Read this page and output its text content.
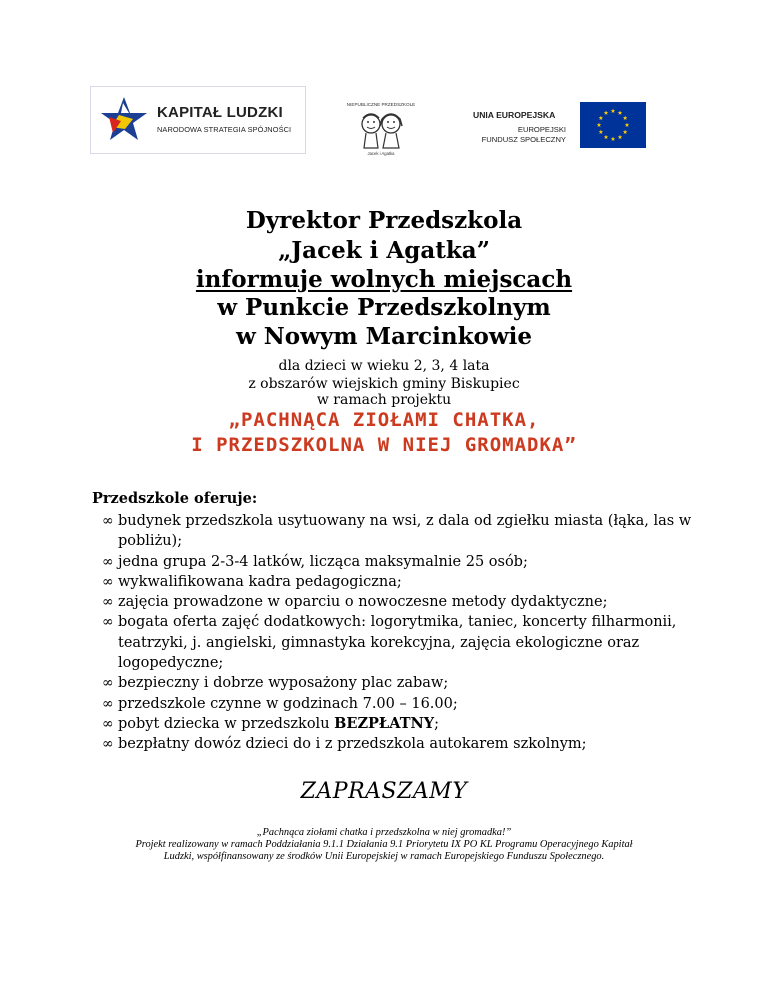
KAPITAŁ LUDZKI
NARODOWA STRATEGIA SPÓJNOŚCI
NIEPUBLICZNE PRZEDSZKOLE
Jacek i Agatka
UNIA EUROPEJSKA
EUROPEJSKI
FUNDUSZ SPOŁECZNY
Dyrektor Przedszkola
„Jacek i Agatka”
informuje wolnych miejscach
w Punkcie Przedszkolnym
w Nowym Marcinkowie
dla dzieci w wieku 2, 3, 4 lata
z obszarów wiejskich gminy Biskupiec
w ramach projektu
„PACHNĄCA ZIOŁAMI CHATKA,
I PRZEDSZKOLNA W NIEJ GROMADKA”
Przedszkole oferuje:
∞ budynek przedszkola usytuowany na wsi, z dala od zgiełku miasta (łąka, las w pobliżu);
∞ jedna grupa 2-3-4 latków, licząca maksymalnie 25 osób;
∞ wykwalifikowana kadra pedagogiczna;
∞ zajęcia prowadzone w oparciu o nowoczesne metody dydaktyczne;
∞ bogata oferta zajęć dodatkowych: logorytmika, taniec, koncerty filharmonii, teatrzyki, j. angielski, gimnastyka korekcyjna, zajęcia ekologiczne oraz logopedyczne;
∞ bezpieczny i dobrze wyposażony plac zabaw;
∞ przedszkole czynne w godzinach 7.00 – 16.00;
∞ pobyt dziecka w przedszkolu BEZPŁATNY;
∞ bezpłatny dowóz dzieci do i z przedszkola autokarem szkolnym;
ZAPRASZAMY
„Pachnąca ziołami chatka i przedszkolna w niej gromadka!”
Projekt realizowany w ramach Poddziałania 9.1.1 Działania 9.1 Priorytetu IX PO KL Programu Operacyjnego Kapitał
Ludzki, współfinansowany ze środków Unii Europejskiej w ramach Europejskiego Funduszu Społecznego.
